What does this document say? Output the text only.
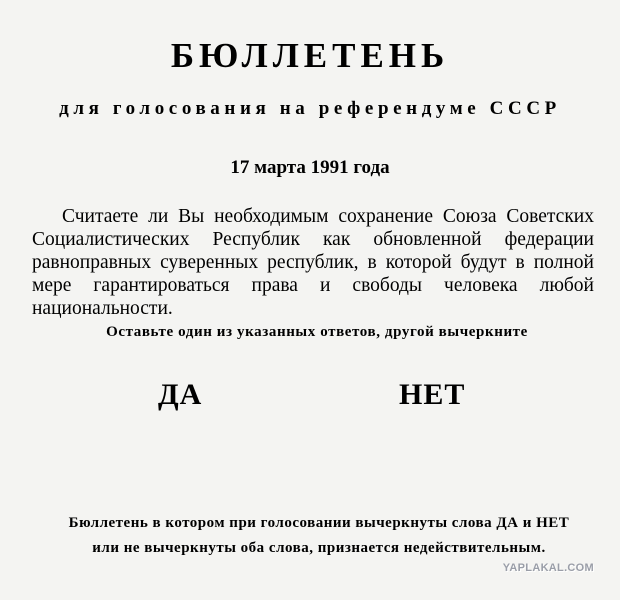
БЮЛЛЕТЕНЬ
для голосования на референдуме СССР
17 марта 1991 года
Считаете ли Вы необходимым сохранение Союза Советских Социалистических Республик как обновленной федерации равноправных суверенных республик, в которой будут в полной мере гарантироваться права и свободы человека любой национальности.
Оставьте один из указанных ответов, другой вычеркните
ДА	НЕТ
Бюллетень в котором при голосовании вычеркнуты слова ДА и НЕТ
или не вычеркнуты оба слова, признается недействительным.
YAPLAKAL.COM
